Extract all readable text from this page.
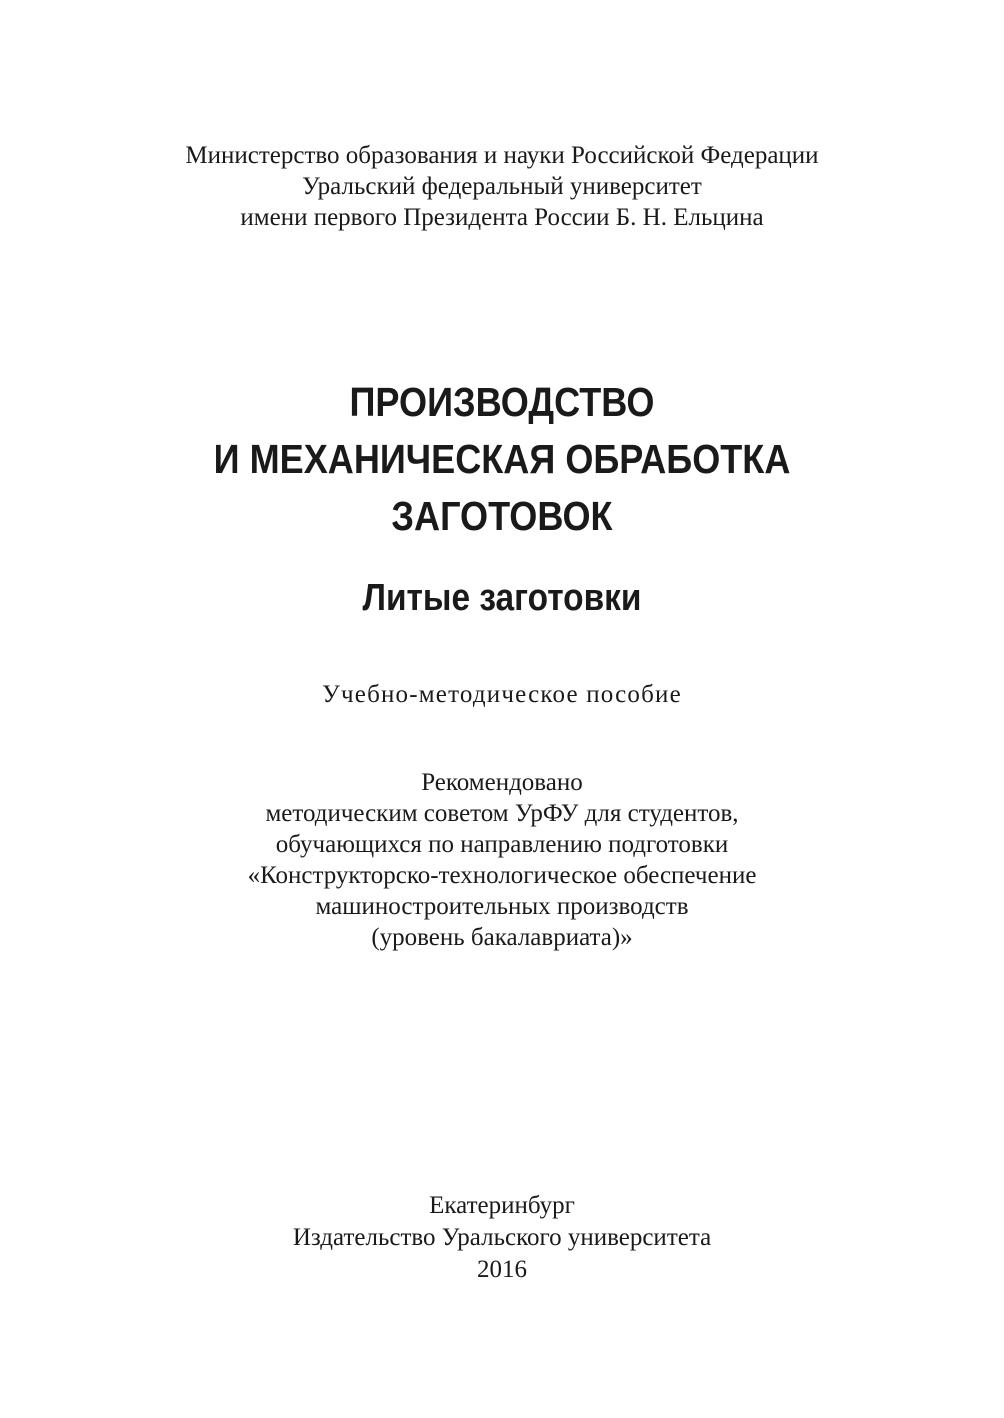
Министерство образования и науки Российской Федерации
Уральский федеральный университет
имени первого Президента России Б. Н. Ельцина
ПРОИЗВОДСТВО
И МЕХАНИЧЕСКАЯ ОБРАБОТКА
ЗАГОТОВОК
Литые заготовки
Учебно-методическое пособие
Рекомендовано
методическим советом УрФУ для студентов,
обучающихся по направлению подготовки
«Конструкторско-технологическое обеспечение
машиностроительных производств
(уровень бакалавриата)»
Екатеринбург
Издательство Уральского университета
2016
